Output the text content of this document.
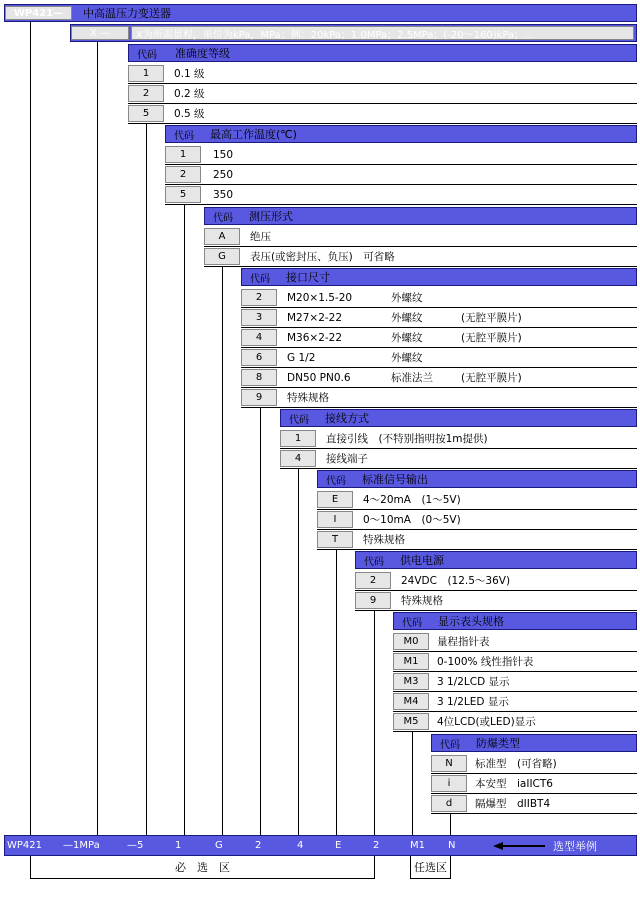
WP421—	中高温压力变送器
X —	X为所需量程，单位为kPa，MPa；例：20kPa；1.0MPa；2.5MPa；(-20～160)kPa；…
代码	准确度等级
1	0.1 级
2	0.2 级
5	0.5 级
代码	最高工作温度(℃)
1	150
2	250
5	350
代码	测压形式
A	绝压
G	表压(或密封压、负压)　可省略
代码	接口尺寸
2	M20×1.5-20	外螺纹
3	M27×2-22	外螺纹	(无腔平膜片)
4	M36×2-22	外螺纹	(无腔平膜片)
6	G 1/2	外螺纹
8	DN50 PN0.6	标准法兰	(无腔平膜片)
9	特殊规格
代码	接线方式
1	直接引线　(不特别指明按1m提供)
4	接线端子
代码	标准信号输出
E	4～20mA　(1～5V)
I	0～10mA　(0～5V)
T	特殊规格
代码	供电电源
2	24VDC　(12.5～36V)
9	特殊规格
代码	显示表头规格
M0	量程指针表
M1	0-100% 线性指针表
M3	3 1/2LCD 显示
M4	3 1/2LED 显示
M5	4位LCD(或LED)显示
代码	防爆类型
N	标准型　(可省略)
i	本安型　iaIICT6
d	隔爆型　dIIBT4
WP421 —1MPa	—5	1	G	2	4	E	2	M1 N	选型举例
必　选　区	任选区
